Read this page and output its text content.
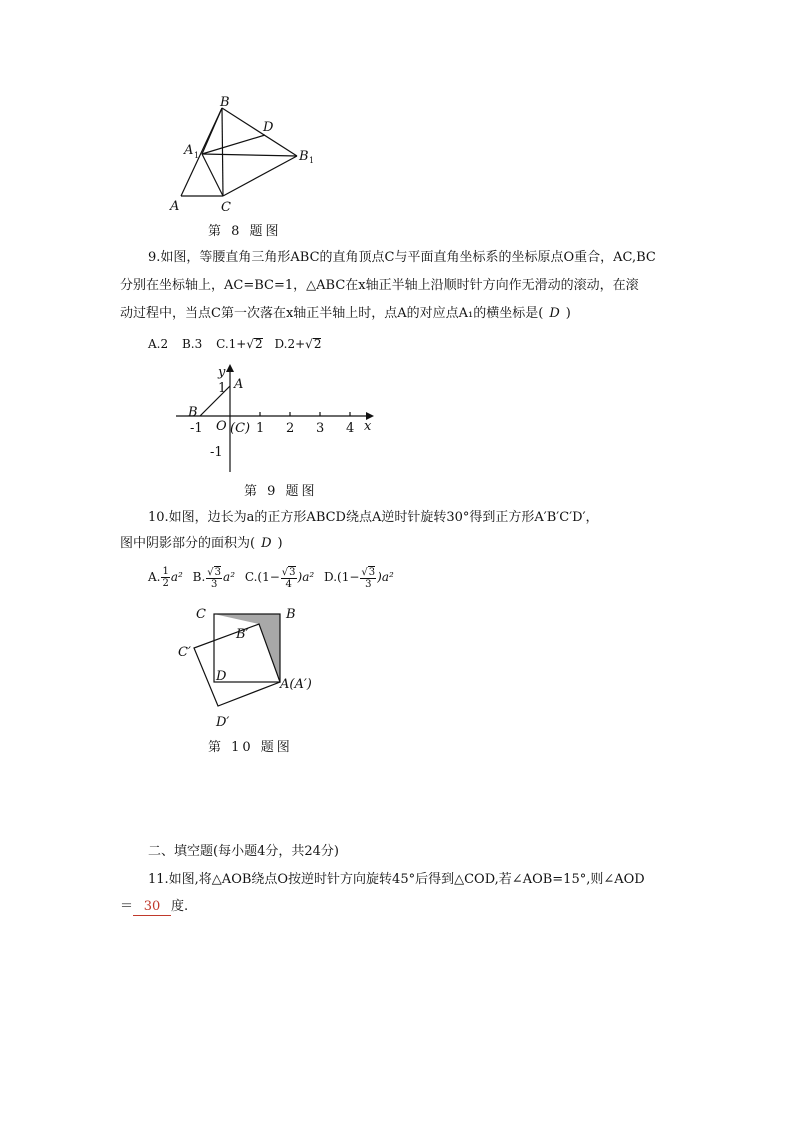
B
D
A 1	B 1
A	C
第 8 题图
9.如图，等腰直角三角形ABC的直角顶点C与平面直角坐标系的坐标原点O重合，AC,BC
分别在坐标轴上，AC=BC=1，△ABC在x轴正半轴上沿顺时针方向作无滑动的滚动，在滚
动过程中，当点C第一次落在x轴正半轴上时，点A的对应点A₁的横坐标是( D )
A.2 B.3 C.1+√2 D.2+√2
y
x
A
B
1
-1 O (C) 1 2 3 4
-1
第 9 题图
10.如图，边长为a的正方形ABCD绕点A逆时针旋转30°得到正方形A′B′C′D′，
图中阴影部分的面积为( D )
A. $\frac{1}{2} a^2$ B. $\frac{√3}{3} a^2$ $C.(1- \frac{√3}{4} )a^2$ $D.(1- \frac{√3}{3} )a^2$
C	B
B′
C′
D
A(A′)
D′
第 10 题图
二、填空题(每小题4分，共24分)
11.如图,将△AOB绕点O按逆时针方向旋转45°后得到△COD,若∠AOB=15°,则∠AOD
＝ 30 度.
